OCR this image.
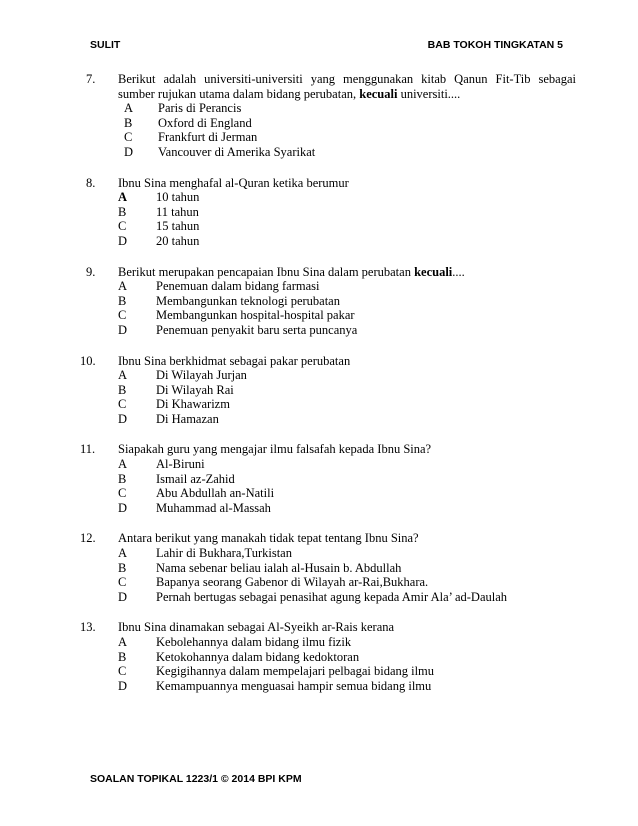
SULIT	BAB TOKOH TINGKATAN 5
7.	Berikut adalah universiti-universiti yang menggunakan kitab Qanun Fit-Tib sebagai sumber rujukan utama dalam bidang perubatan, kecuali universiti....
A	Paris di Perancis
B	Oxford di England
C	Frankfurt di Jerman
D	Vancouver di Amerika Syarikat
8.	Ibnu Sina menghafal al-Quran ketika berumur
A	10 tahun
B	11 tahun
C	15 tahun
D	20 tahun
9.	Berikut merupakan pencapaian Ibnu Sina dalam perubatan kecuali....
A	Penemuan dalam bidang farmasi
B	Membangunkan teknologi perubatan
C	Membangunkan hospital-hospital pakar
D	Penemuan penyakit baru serta puncanya
10.	Ibnu Sina berkhidmat sebagai pakar perubatan
A	Di Wilayah Jurjan
B	Di Wilayah Rai
C	Di Khawarizm
D	Di Hamazan
11.	Siapakah guru yang mengajar ilmu falsafah kepada Ibnu Sina?
A	Al-Biruni
B	Ismail az-Zahid
C	Abu Abdullah an-Natili
D	Muhammad al-Massah
12.	Antara berikut yang manakah tidak tepat tentang Ibnu Sina?
A	Lahir di Bukhara,Turkistan
B	Nama sebenar beliau ialah al-Husain b. Abdullah
C	Bapanya seorang Gabenor di Wilayah ar-Rai,Bukhara.
D	Pernah bertugas sebagai penasihat agung kepada Amir Ala’ ad-Daulah
13.	Ibnu Sina dinamakan sebagai Al-Syeikh ar-Rais kerana
A	Kebolehannya dalam bidang ilmu fizik
B	Ketokohannya dalam bidang kedoktoran
C	Kegigihannya dalam mempelajari pelbagai bidang ilmu
D	Kemampuannya menguasai hampir semua bidang ilmu
SOALAN TOPIKAL 1223/1 © 2014 BPI KPM
